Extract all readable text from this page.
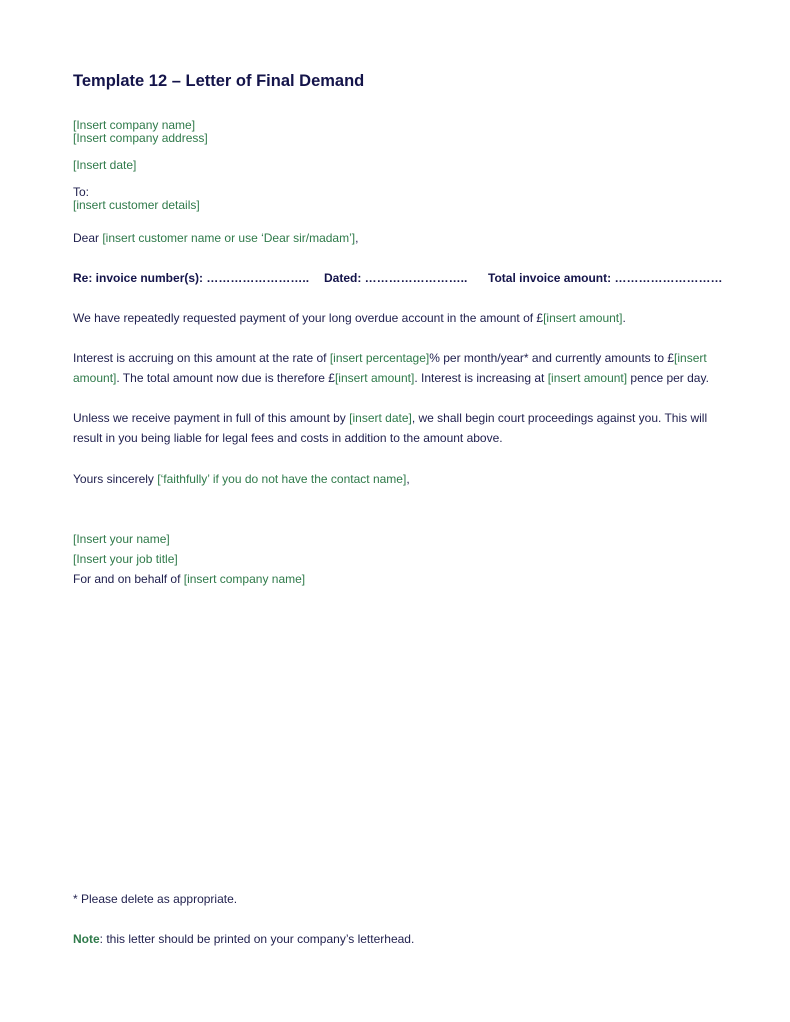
Template 12 – Letter of Final Demand
[Insert company name]
[Insert company address]
[Insert date]
To:
[insert customer details]
Dear [insert customer name or use ‘Dear sir/madam’],
Re: invoice number(s): …………………….. Dated: …………………….. Total invoice amount: ………………………
We have repeatedly requested payment of your long overdue account in the amount of £[insert amount].
Interest is accruing on this amount at the rate of [insert percentage]% per month/year* and currently amounts to £[insert amount]. The total amount now due is therefore £[insert amount]. Interest is increasing at [insert amount] pence per day.
Unless we receive payment in full of this amount by [insert date], we shall begin court proceedings against you. This will result in you being liable for legal fees and costs in addition to the amount above.
Yours sincerely [‘faithfully’ if you do not have the contact name],
[Insert your name]
[Insert your job title]
For and on behalf of [insert company name]
* Please delete as appropriate.
Note: this letter should be printed on your company’s letterhead.
